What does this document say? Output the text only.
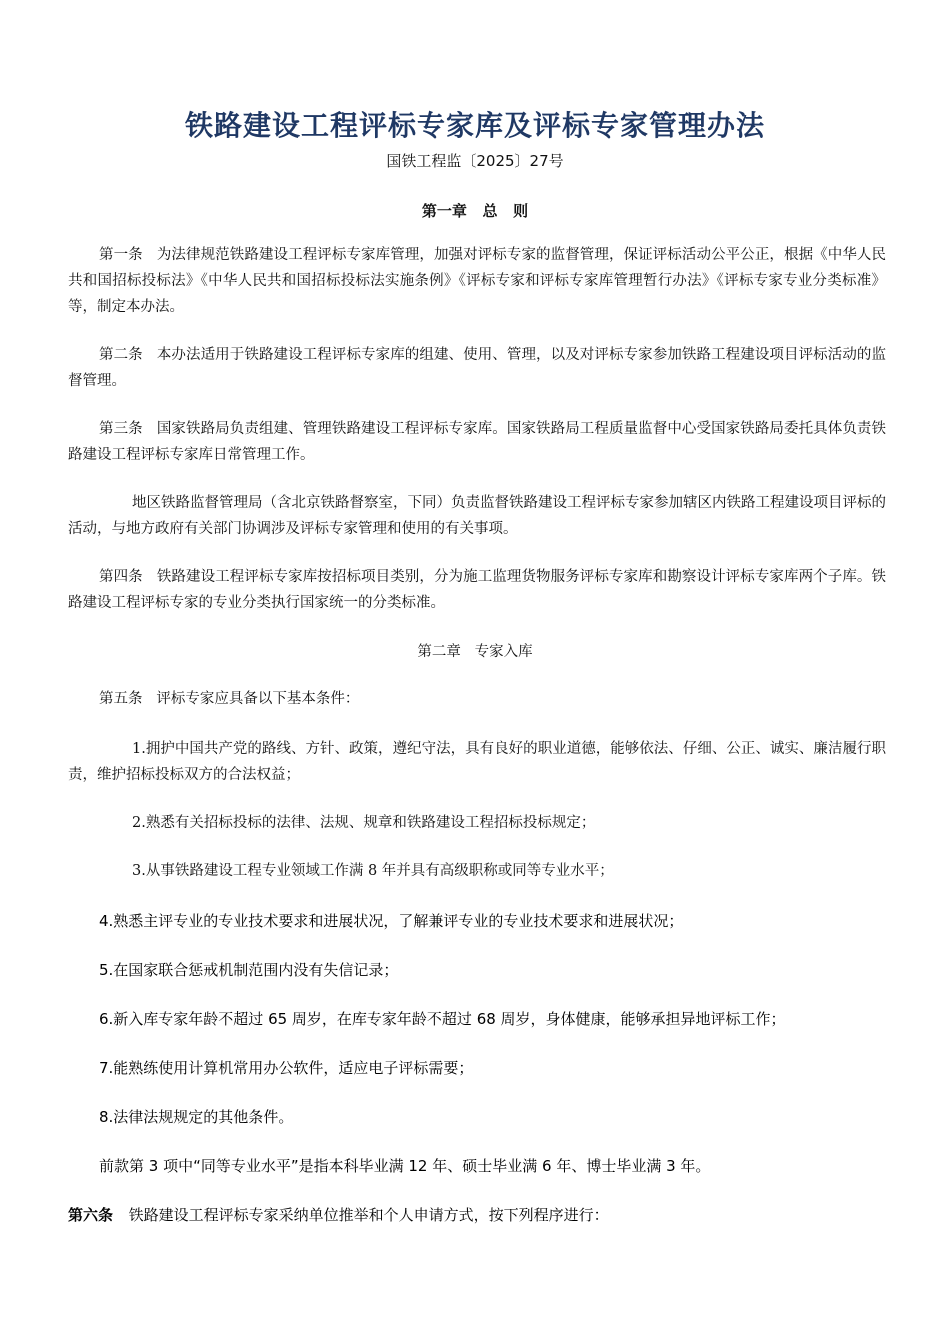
铁路建设工程评标专家库及评标专家管理办法
国铁工程监〔2025〕27号
第一章   总   则
第一条   为法律规范铁路建设工程评标专家库管理，加强对评标专家的监督管理，保证评标活动公平公正，根据《中华人民共和国招标投标法》《中华人民共和国招标投标法实施条例》《评标专家和评标专家库管理暂行办法》《评标专家专业分类标准》等，制定本办法。
第二条   本办法适用于铁路建设工程评标专家库的组建、使用、管理，以及对评标专家参加铁路工程建设项目评标活动的监督管理。
第三条   国家铁路局负责组建、管理铁路建设工程评标专家库。国家铁路局工程质量监督中心受国家铁路局委托具体负责铁路建设工程评标专家库日常管理工作。
地区铁路监督管理局（含北京铁路督察室，下同）负责监督铁路建设工程评标专家参加辖区内铁路工程建设项目评标的活动，与地方政府有关部门协调涉及评标专家管理和使用的有关事项。
第四条   铁路建设工程评标专家库按招标项目类别，分为施工监理货物服务评标专家库和勘察设计评标专家库两个子库。铁路建设工程评标专家的专业分类执行国家统一的分类标准。
第二章   专家入库
第五条   评标专家应具备以下基本条件：
1.拥护中国共产党的路线、方针、政策，遵纪守法，具有良好的职业道德，能够依法、仔细、公正、诚实、廉洁履行职责，维护招标投标双方的合法权益；
2.熟悉有关招标投标的法律、法规、规章和铁路建设工程招标投标规定；
3.从事铁路建设工程专业领域工作满 8 年并具有高级职称或同等专业水平；
4.熟悉主评专业的专业技术要求和进展状况，了解兼评专业的专业技术要求和进展状况；
5.在国家联合惩戒机制范围内没有失信记录；
6.新入库专家年龄不超过 65 周岁，在库专家年龄不超过 68 周岁，身体健康，能够承担异地评标工作；
7.能熟练使用计算机常用办公软件，适应电子评标需要；
8.法律法规规定的其他条件。
前款第 3 项中“同等专业水平”是指本科毕业满 12 年、硕士毕业满 6 年、博士毕业满 3 年。
第六条   铁路建设工程评标专家采纳单位推举和个人申请方式，按下列程序进行：
